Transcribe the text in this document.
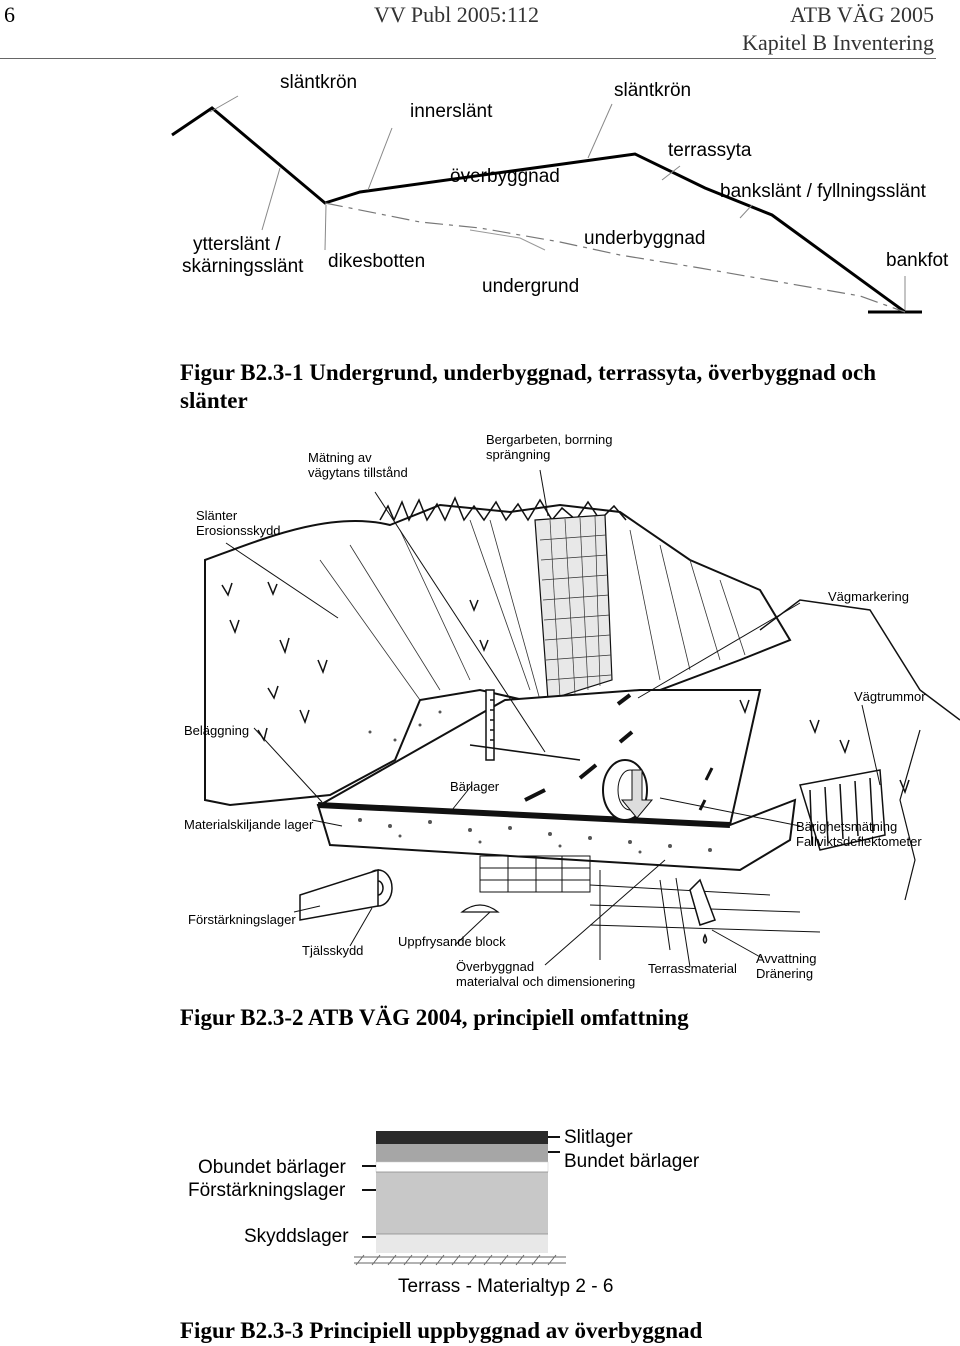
6	VV Publ 2005:112	ATB VÄG 2005
Kapitel B Inventering
släntkrön
innerslänt
släntkrön
terrassyta
överbyggnad
bankslänt / fyllningsslänt
ytterslänt /
skärningsslänt dikesbotten
underbyggnad
undergrund
bankfot
Figur B2.3-1 Undergrund, underbyggnad, terrassyta, överbyggnad och
slänter
Mätning av
vägytans tillstånd
Bergarbeten, borrning
sprängning
Slänter
Erosionsskydd
Vägmarkering
Vägtrummor
Beläggning
Bärlager
Materialskiljande lager	Bärighetsmätning
Fallviktsdeflektometer
Förstärkningslager
Tjälsskydd
Uppfrysande block
Överbyggnad
materialval och dimensionering
Terrassmaterial
Avvattning
Dränering
Figur B2.3-2 ATB VÄG 2004, principiell omfattning
Slitlager
Bundet bärlager
Obundet bärlager
Förstärkningslager
Skyddslager
Terrass - Materialtyp 2 - 6
Figur B2.3-3 Principiell uppbyggnad av överbyggnad
